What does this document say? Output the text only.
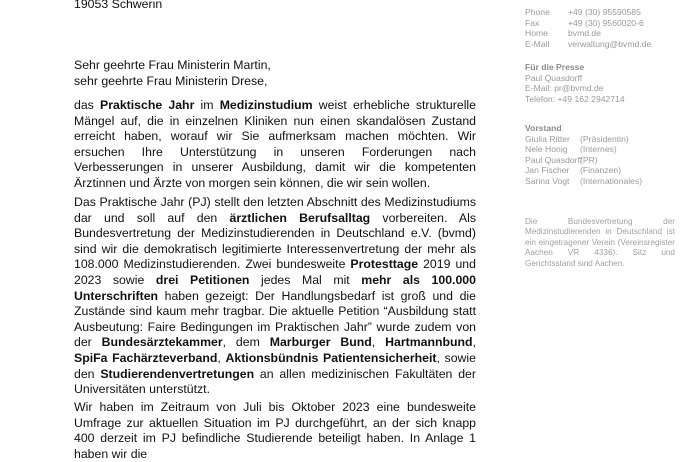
19053 Schwerin
Sehr geehrte Frau Ministerin Martin,
sehr geehrte Frau Ministerin Drese,
das Praktische Jahr im Medizinstudium weist erhebliche strukturelle Mängel auf, die in einzelnen Kliniken nun einen skandalösen Zustand erreicht haben, worauf wir Sie aufmerksam machen möchten. Wir ersuchen Ihre Unterstützung in unseren Forderungen nach Verbesserungen in unserer Ausbildung, damit wir die kompetenten Ärztinnen und Ärzte von morgen sein können, die wir sein wollen.
Das Praktische Jahr (PJ) stellt den letzten Abschnitt des Medizinstudiums dar und soll auf den ärztlichen Berufsalltag vorbereiten. Als Bundesvertretung der Medizinstudierenden in Deutschland e.V. (bvmd) sind wir die demokratisch legitimierte Interessenvertretung der mehr als 108.000 Medizinstudierenden. Zwei bundesweite Protesttage 2019 und 2023 sowie drei Petitionen jedes Mal mit mehr als 100.000 Unterschriften haben gezeigt: Der Handlungsbedarf ist groß und die Zustände sind kaum mehr tragbar. Die aktuelle Petition “Ausbildung statt Ausbeutung: Faire Bedingungen im Praktischen Jahr” wurde zudem von der Bundesärztekammer, dem Marburger Bund, Hartmannbund, SpiFa Fachärzteverband, Aktionsbündnis Patientensicherheit, sowie den Studierendenvertretungen an allen medizinischen Fakultäten der Universitäten unterstützt.
Wir haben im Zeitraum von Juli bis Oktober 2023 eine bundesweite Umfrage zur aktuellen Situation im PJ durchgeführt, an der sich knapp 400 derzeit im PJ befindliche Studierende beteiligt haben. In Anlage 1 haben wir die
Phone +49 (30) 95590585
Fax	+49 (30) 9560020-6
Home bvmd.de
E-Mail verwaltung@bvmd.de
Für die Presse
Paul Quasdorff
E-Mail: pr@bvmd.de
Telefon: +49 162 2942714
Vorstand
Giulia Ritter (Präsidentin)
Nele Honig (Internes)
Paul Quasdorff
(PR)
Jan Fischer (Finanzen)
Sarina Vogt (Internationales)
Die Bundesvertretung der Medizinstudierenden in Deutschland ist ein eingetragener Verein (Vereinsregister Aachen VR 4336). Sitz und Gerichtsstand sind Aachen.
